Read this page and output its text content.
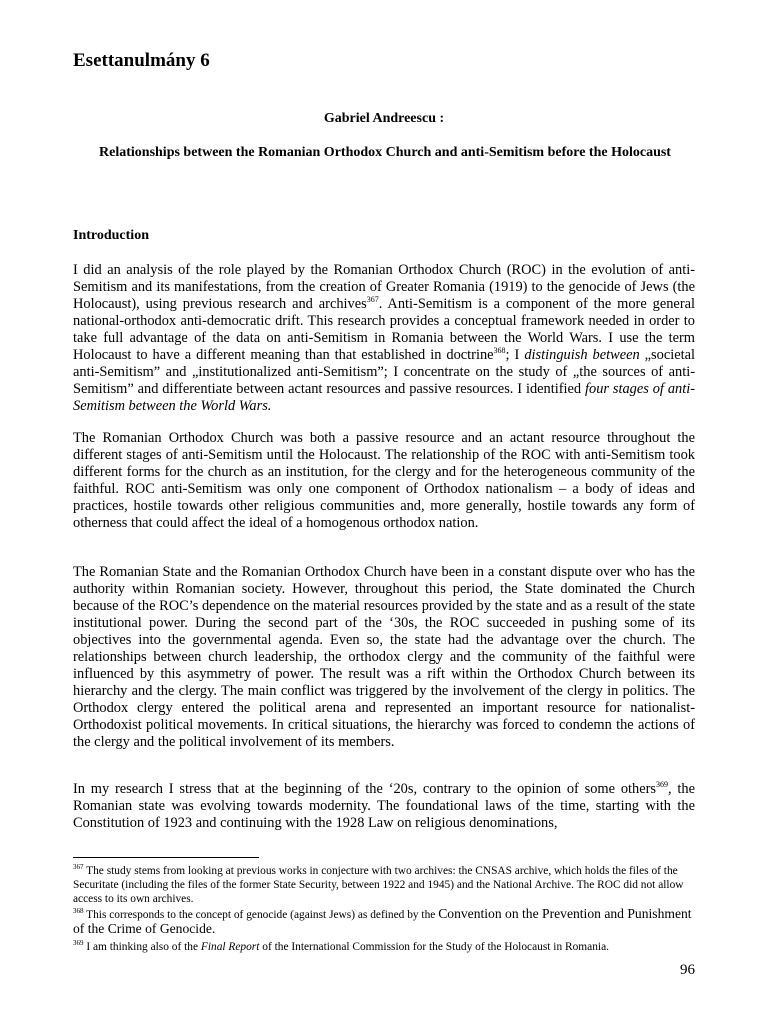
Esettanulmány 6

Gabriel Andreescu :

Relationships between the Romanian Orthodox Church and anti-Semitism before the Holocaust

Introduction

I did an analysis of the role played by the Romanian Orthodox Church (ROC) in the evolution of anti-Semitism and its manifestations, from the creation of Greater Romania (1919) to the genocide of Jews (the Holocaust), using previous research and archives$^{367}$. Anti-Semitism is a component of the more general national-orthodox anti-democratic drift. This research provides a conceptual framework needed in order to take full advantage of the data on anti-Semitism in Romania between the World Wars. I use the term Holocaust to have a different meaning than that established in doctrine$^{368}$; I distinguish between „societal anti-Semitism” and „institutionalized anti-Semitism”; I concentrate on the study of „the sources of anti-Semitism” and differentiate between actant resources and passive resources. I identified four stages of anti-Semitism between the World Wars.

The Romanian Orthodox Church was both a passive resource and an actant resource throughout the different stages of anti-Semitism until the Holocaust. The relationship of the ROC with anti-Semitism took different forms for the church as an institution, for the clergy and for the heterogeneous community of the faithful. ROC anti-Semitism was only one component of Orthodox nationalism – a body of ideas and practices, hostile towards other religious communities and, more generally, hostile towards any form of otherness that could affect the ideal of a homogenous orthodox nation.

The Romanian State and the Romanian Orthodox Church have been in a constant dispute over who has the authority within Romanian society. However, throughout this period, the State dominated the Church because of the ROC’s dependence on the material resources provided by the state and as a result of the state institutional power. During the second part of the ‘30s, the ROC succeeded in pushing some of its objectives into the governmental agenda. Even so, the state had the advantage over the church. The relationships between church leadership, the orthodox clergy and the community of the faithful were influenced by this asymmetry of power. The result was a rift within the Orthodox Church between its hierarchy and the clergy. The main conflict was triggered by the involvement of the clergy in politics. The Orthodox clergy entered the political arena and represented an important resource for nationalist-Orthodoxist political movements. In critical situations, the hierarchy was forced to condemn the actions of the clergy and the political involvement of its members.

In my research I stress that at the beginning of the ‘20s, contrary to the opinion of some others$^{369}$, the Romanian state was evolving towards modernity. The foundational laws of the time, starting with the Constitution of 1923 and continuing with the 1928 Law on religious denominations,

$^{367}$ The study stems from looking at previous works in conjecture with two archives: the CNSAS archive, which holds the files of the Securitate (including the files of the former State Security, between 1922 and 1945) and the National Archive. The ROC did not allow access to its own archives.

$^{368}$ This corresponds to the concept of genocide (against Jews) as defined by the Convention on the Prevention and Punishment of the Crime of Genocide.

$^{369}$ I am thinking also of the Final Report of the International Commission for the Study of the Holocaust in Romania.

96
